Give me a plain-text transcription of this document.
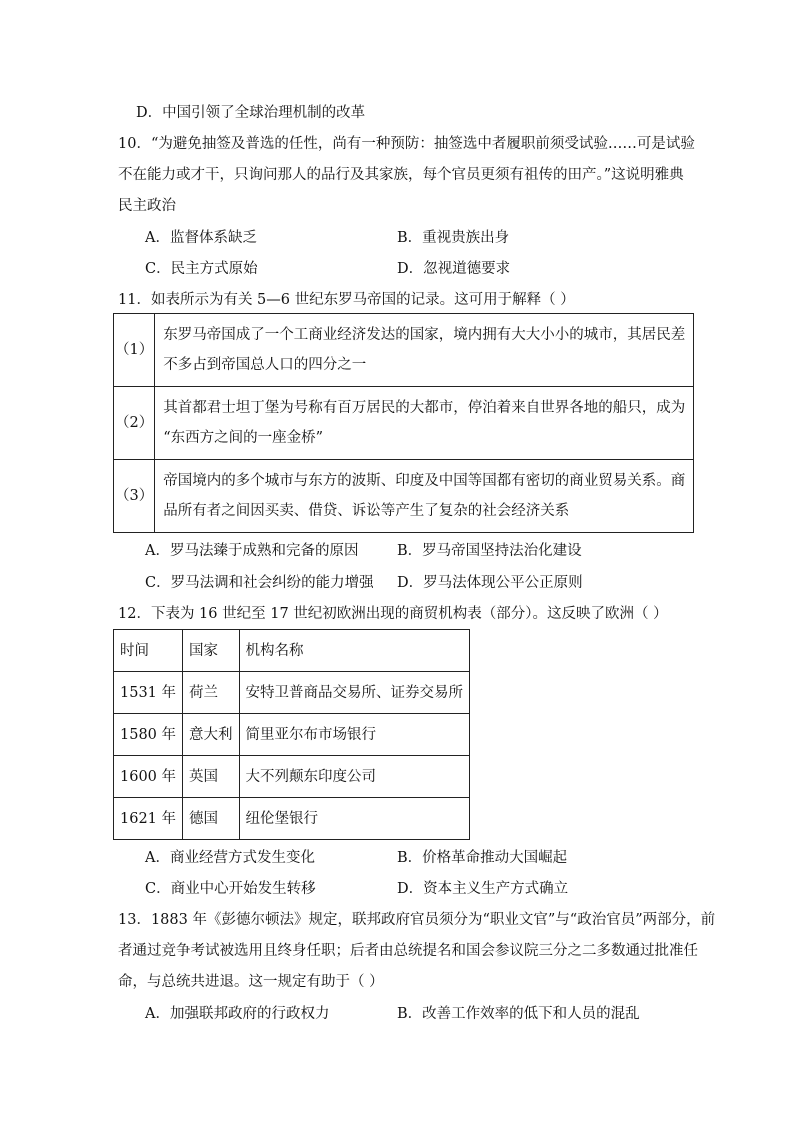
D．中国引领了全球治理机制的改革
10．“为避免抽签及普选的任性，尚有一种预防：抽签选中者履职前须受试验……可是试验
不在能力或才干，只询问那人的品行及其家族，每个官员更须有祖传的田产。”这说明雅典
民主政治
A．监督体系缺乏	B．重视贵族出身
C．民主方式原始	D．忽视道德要求
11．如表所示为有关 5—6 世纪东罗马帝国的记录。这可用于解释（ ）
（1）	东罗马帝国成了一个工商业经济发达的国家，境内拥有大大小小的城市，其居民差
不多占到帝国总人口的四分之一

（2）	其首都君士坦丁堡为号称有百万居民的大都市，停泊着来自世界各地的船只，成为
“东西方之间的一座金桥”

（3）	帝国境内的多个城市与东方的波斯、印度及中国等国都有密切的商业贸易关系。商
品所有者之间因买卖、借贷、诉讼等产生了复杂的社会经济关系
A．罗马法臻于成熟和完备的原因	B．罗马帝国坚持法治化建设
C．罗马法调和社会纠纷的能力增强 D．罗马法体现公平公正原则
12．下表为 16 世纪至 17 世纪初欧洲出现的商贸机构表（部分）。这反映了欧洲（ ）
时间	国家	机构名称
1531 年	荷兰	安特卫普商品交易所、证券交易所
1580 年	意大利	简里亚尔布市场银行
1600 年	英国	大不列颠东印度公司
1621 年	德国	纽伦堡银行
A．商业经营方式发生变化	B．价格革命推动大国崛起
C．商业中心开始发生转移	D．资本主义生产方式确立
13．1883 年《彭德尔顿法》规定，联邦政府官员须分为“职业文官”与“政治官员”两部分，前
者通过竞争考试被选用且终身任职；后者由总统提名和国会参议院三分之二多数通过批准任
命，与总统共进退。这一规定有助于（ ）
A．加强联邦政府的行政权力	B．改善工作效率的低下和人员的混乱
